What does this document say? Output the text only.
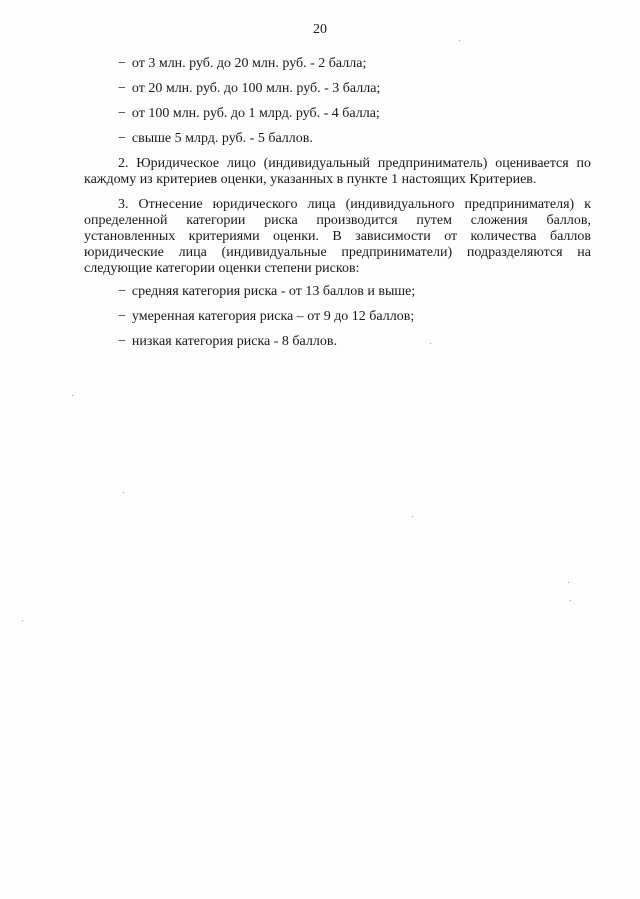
20
− от 3 млн. руб. до 20 млн. руб. - 2 балла;
− от 20 млн. руб. до 100 млн. руб. - 3 балла;
− от 100 млн. руб. до 1 млрд. руб. - 4 балла;
− свыше 5 млрд. руб. - 5 баллов.

2. Юридическое лицо (индивидуальный предприниматель) оценивается по каждому из критериев оценки, указанных в пункте 1 настоящих Критериев.

3. Отнесение юридического лица (индивидуального предпринимателя) к определенной категории риска производится путем сложения баллов, установленных критериями оценки. В зависимости от количества баллов юридические лица (индивидуальные предприниматели) подразделяются на следующие категории оценки степени рисков:

− средняя категория риска - от 13 баллов и выше;
− умеренная категория риска – от 9 до 12 баллов;
− низкая категория риска - 8 баллов.
